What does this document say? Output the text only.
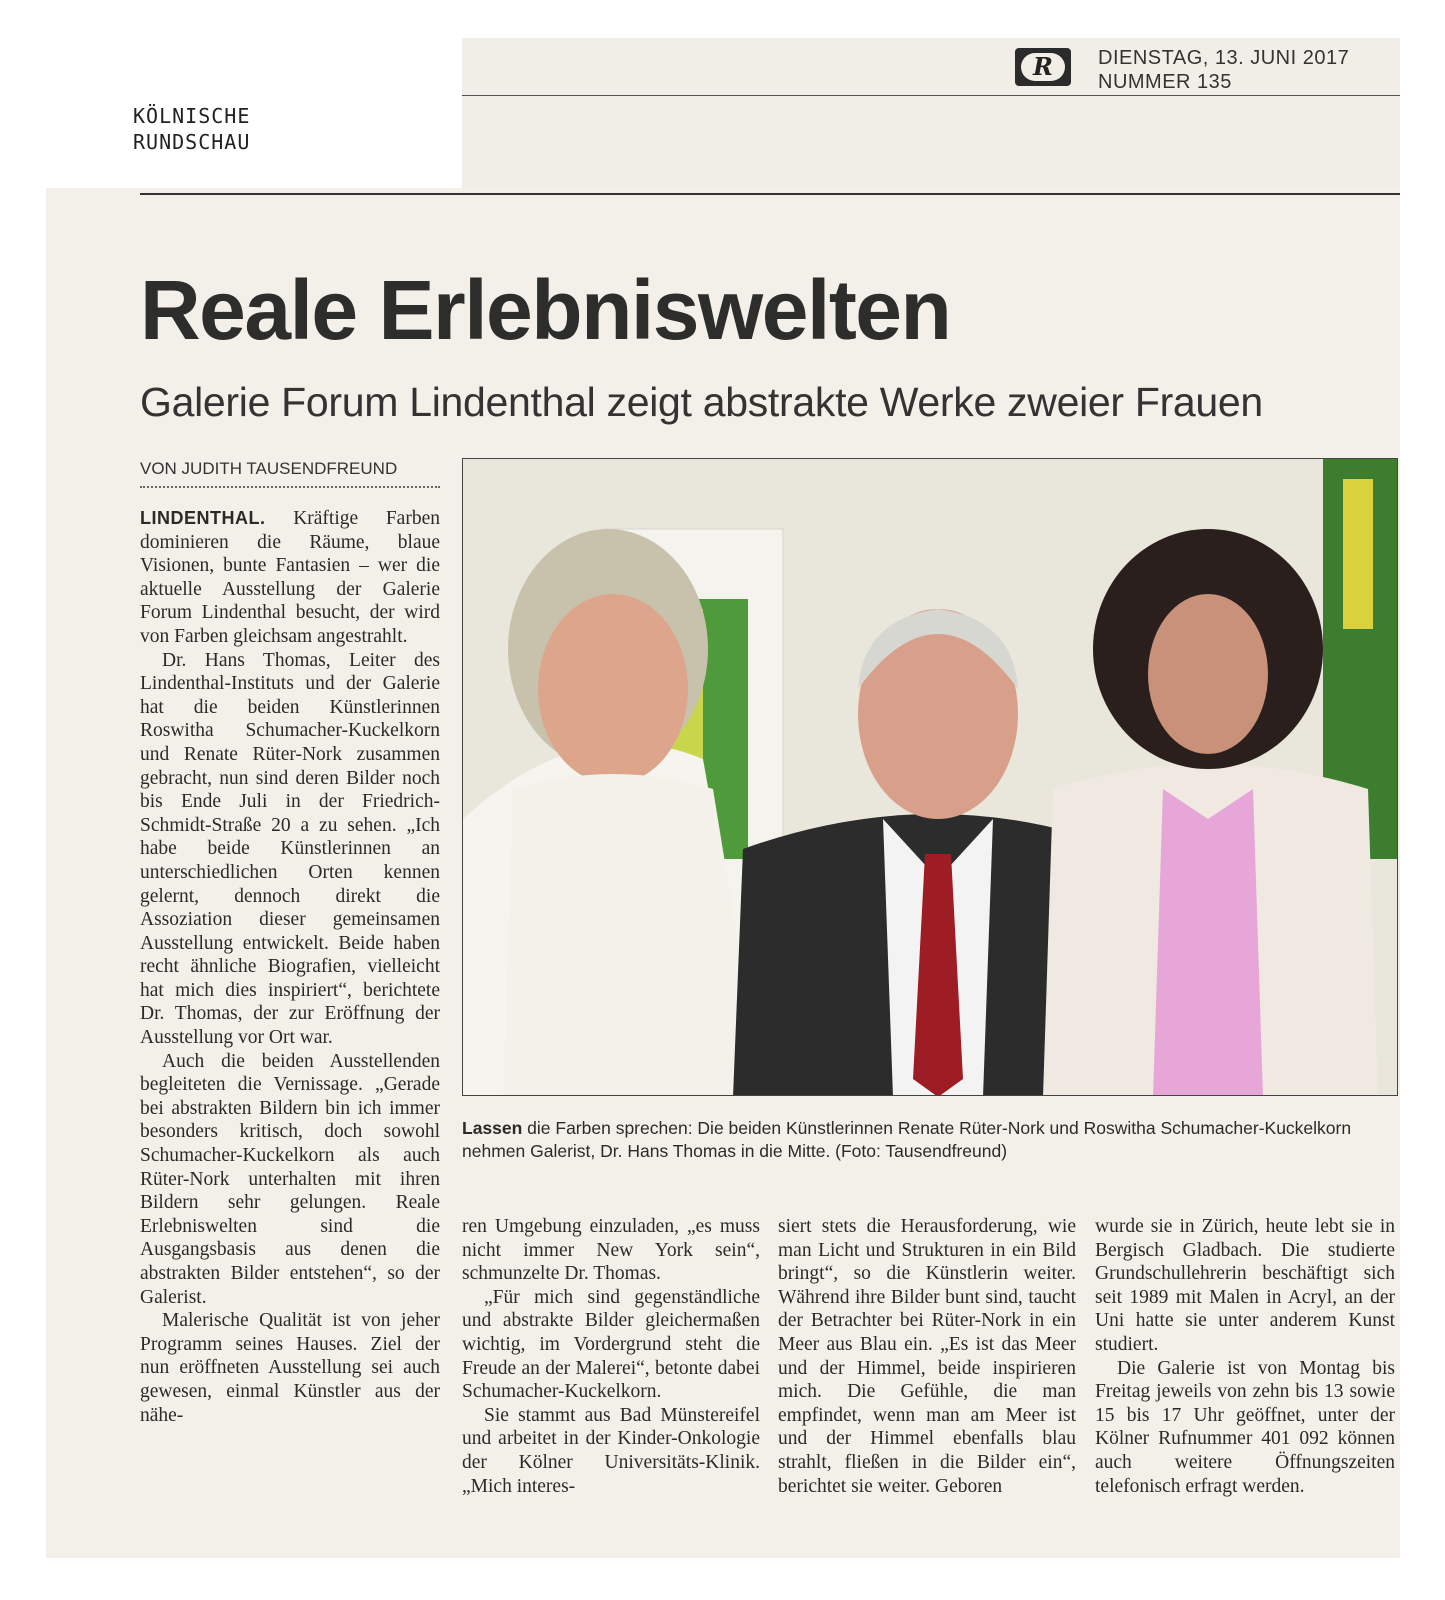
KÖLNISCHE
RUNDSCHAU
R	DIENSTAG, 13. JUNI 2017
NUMMER 135
Reale Erlebniswelten
Galerie Forum Lindenthal zeigt abstrakte Werke zweier Frauen
VON JUDITH TAUSENDFREUND

LINDENTHAL. Kräftige Farben dominieren die Räume, blaue Visionen, bunte Fantasien – wer die aktuelle Ausstellung der Galerie Forum Lindenthal besucht, der wird von Farben gleichsam angestrahlt.

Dr. Hans Thomas, Leiter des Lindenthal-Instituts und der Galerie hat die beiden Künstlerinnen Roswitha Schumacher-Kuckelkorn und Renate Rüter-Nork zusammen gebracht, nun sind deren Bilder noch bis Ende Juli in der Friedrich-Schmidt-Straße 20 a zu sehen. „Ich habe beide Künstlerinnen an unterschiedlichen Orten kennen gelernt, dennoch direkt die Assoziation dieser gemeinsamen Ausstellung entwickelt. Beide haben recht ähnliche Biografien, vielleicht hat mich dies inspiriert“, berichtete Dr. Thomas, der zur Eröffnung der Ausstellung vor Ort war.

Auch die beiden Ausstellenden begleiteten die Vernissage. „Gerade bei abstrakten Bildern bin ich immer besonders kritisch, doch sowohl Schumacher-Kuckelkorn als auch Rüter-Nork unterhalten mit ihren Bildern sehr gelungen. Reale Erlebniswelten sind die Ausgangsbasis aus denen die abstrakten Bilder entstehen“, so der Galerist.

Malerische Qualität ist von jeher Programm seines Hauses. Ziel der nun eröffneten Ausstellung sei auch gewesen, einmal Künstler aus der nähe-

Lassen die Farben sprechen: Die beiden Künstlerinnen Renate Rüter-Nork und Roswitha Schumacher-Kuckelkorn nehmen Galerist, Dr. Hans Thomas in die Mitte. (Foto: Tausendfreund)

ren Umgebung einzuladen, „es muss nicht immer New York sein“, schmunzelte Dr. Thomas.

„Für mich sind gegenständliche und abstrakte Bilder gleichermaßen wichtig, im Vordergrund steht die Freude an der Malerei“, betonte dabei Schumacher-Kuckelkorn.

Sie stammt aus Bad Münstereifel und arbeitet in der Kinder-Onkologie der Kölner Universitäts-Klinik. „Mich interes-

siert stets die Herausforderung, wie man Licht und Strukturen in ein Bild bringt“, so die Künstlerin weiter. Während ihre Bilder bunt sind, taucht der Betrachter bei Rüter-Nork in ein Meer aus Blau ein. „Es ist das Meer und der Himmel, beide inspirieren mich. Die Gefühle, die man empfindet, wenn man am Meer ist und der Himmel ebenfalls blau strahlt, fließen in die Bilder ein“, berichtet sie weiter. Geboren

wurde sie in Zürich, heute lebt sie in Bergisch Gladbach. Die studierte Grundschullehrerin beschäftigt sich seit 1989 mit Malen in Acryl, an der Uni hatte sie unter anderem Kunst studiert.

Die Galerie ist von Montag bis Freitag jeweils von zehn bis 13 sowie 15 bis 17 Uhr geöffnet, unter der Kölner Rufnummer 401 092 können auch weitere Öffnungszeiten telefonisch erfragt werden.
